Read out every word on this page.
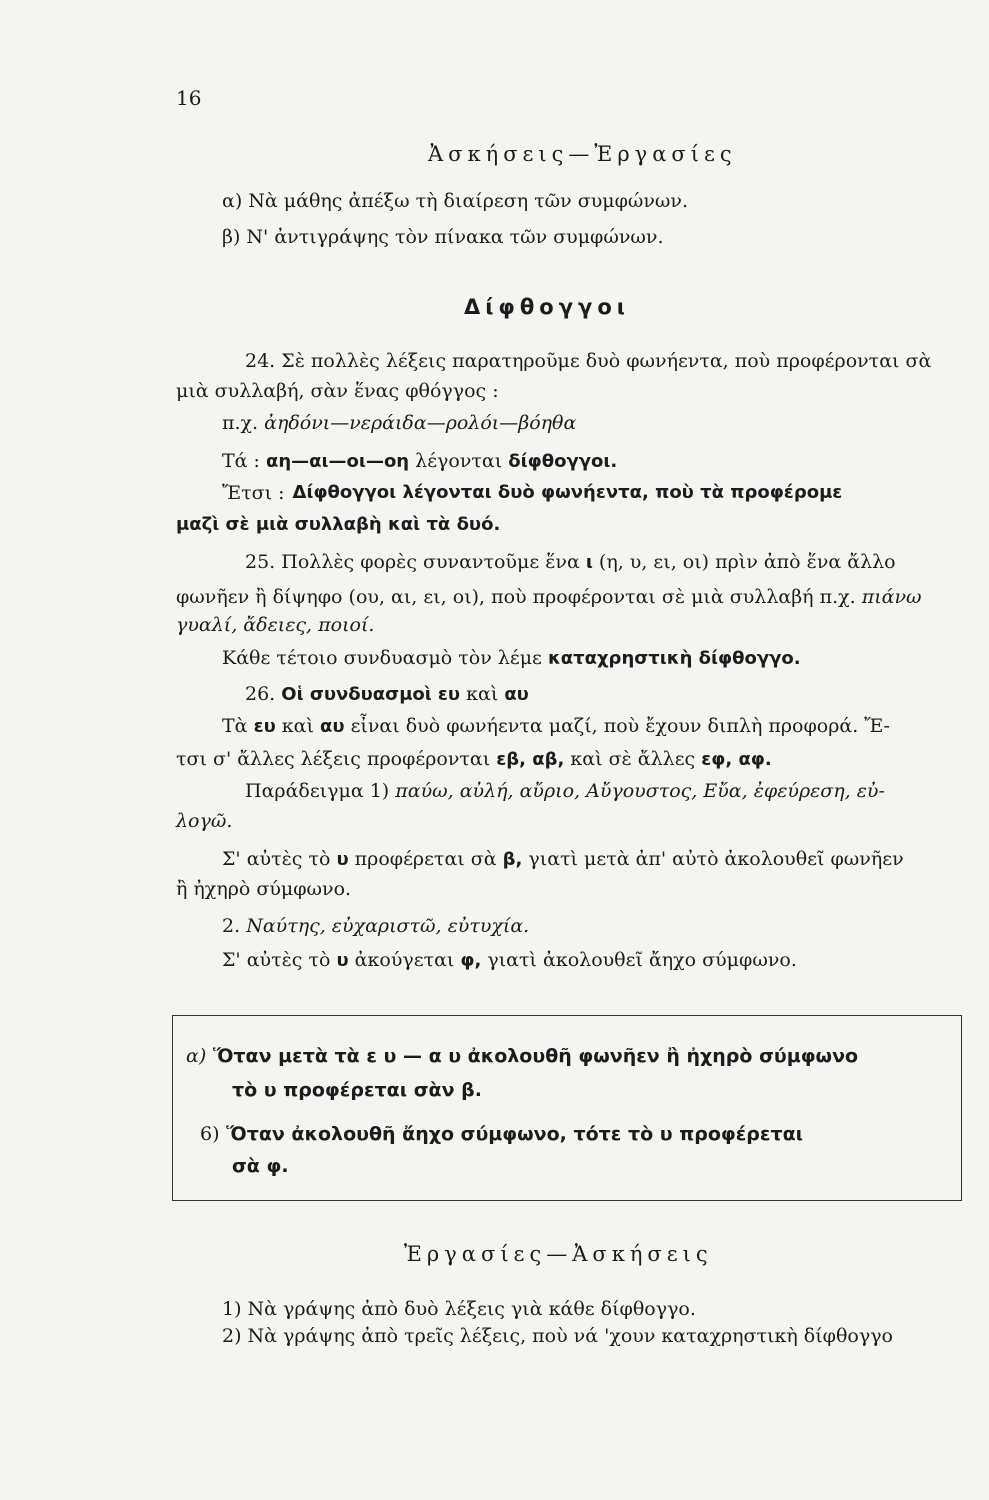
16
Ἀσκήσεις—Ἐργασίες
α) Νὰ μάθης ἀπέξω τὴ διαίρεση τῶν συμφώνων.
β) Ν' ἀντιγράψης τὸν πίνακα τῶν συμφώνων.
Δίφθογγοι
24. Σὲ πολλὲς λέξεις παρατηροῦμε δυὸ φωνήεντα, ποὺ προφέρονται σὰ
μιὰ συλλαβή, σὰν ἕνας φθόγγος :
π.χ. ἀηδόνι—νεράιδα—ρολόι—βόηθα
Τά : αη—αι—οι—οη λέγονται δίφθογγοι.
Ἔτσι : Δίφθογγοι λέγονται δυὸ φωνήεντα, ποὺ τὰ προφέρομε
μαζὶ σὲ μιὰ συλλαβὴ καὶ τὰ δυό.
25. Πολλὲς φορὲς συναντοῦμε ἕνα ι (η, υ, ει, οι) πρὶν ἀπὸ ἕνα ἄλλο
φωνῆεν ἢ δίψηφο (ου, αι, ει, οι), ποὺ προφέρονται σὲ μιὰ συλλαβή π.χ. πιάνω
γυαλί, ἄδειες, ποιοί.
Κάθε τέτοιο συνδυασμὸ τὸν λέμε καταχρηστικὴ δίφθογγο.
26. Οἱ συνδυασμοὶ ευ καὶ αυ
Τὰ ευ καὶ αυ εἶναι δυὸ φωνήεντα μαζί, ποὺ ἔχουν διπλὴ προφορά. Ἔ-
τσι σ' ἄλλες λέξεις προφέρονται εβ, αβ, καὶ σὲ ἄλλες εφ, αφ.
Παράδειγμα 1) παύω, αὐλή, αὔριο, Αὔγουστος, Εὔα, ἐφεύρεση, εὐ-
λογῶ.
Σ' αὐτὲς τὸ υ προφέρεται σὰ β, γιατὶ μετὰ ἀπ' αὐτὸ ἀκολουθεῖ φωνῆεν
ἢ ἠχηρὸ σύμφωνο.
2. Ναύτης, εὐχαριστῶ, εὐτυχία.
Σ' αὐτὲς τὸ υ ἀκούγεται φ, γιατὶ ἀκολουθεῖ ἄηχο σύμφωνο.
α) Ὅταν μετὰ τὰ ε υ — α υ ἀκολουθῆ φωνῆεν ἢ ἠχηρὸ σύμφωνο
τὸ υ προφέρεται σὰν β.
6) Ὅταν ἀκολουθῆ ἄηχο σύμφωνο, τότε τὸ υ προφέρεται
σὰ φ.
Ἐργασίες—Ἀσκήσεις
1) Νὰ γράψης ἀπὸ δυὸ λέξεις γιὰ κάθε δίφθογγο.
2) Νὰ γράψης ἀπὸ τρεῖς λέξεις, ποὺ νά 'χουν καταχρηστικὴ δίφθογγο
